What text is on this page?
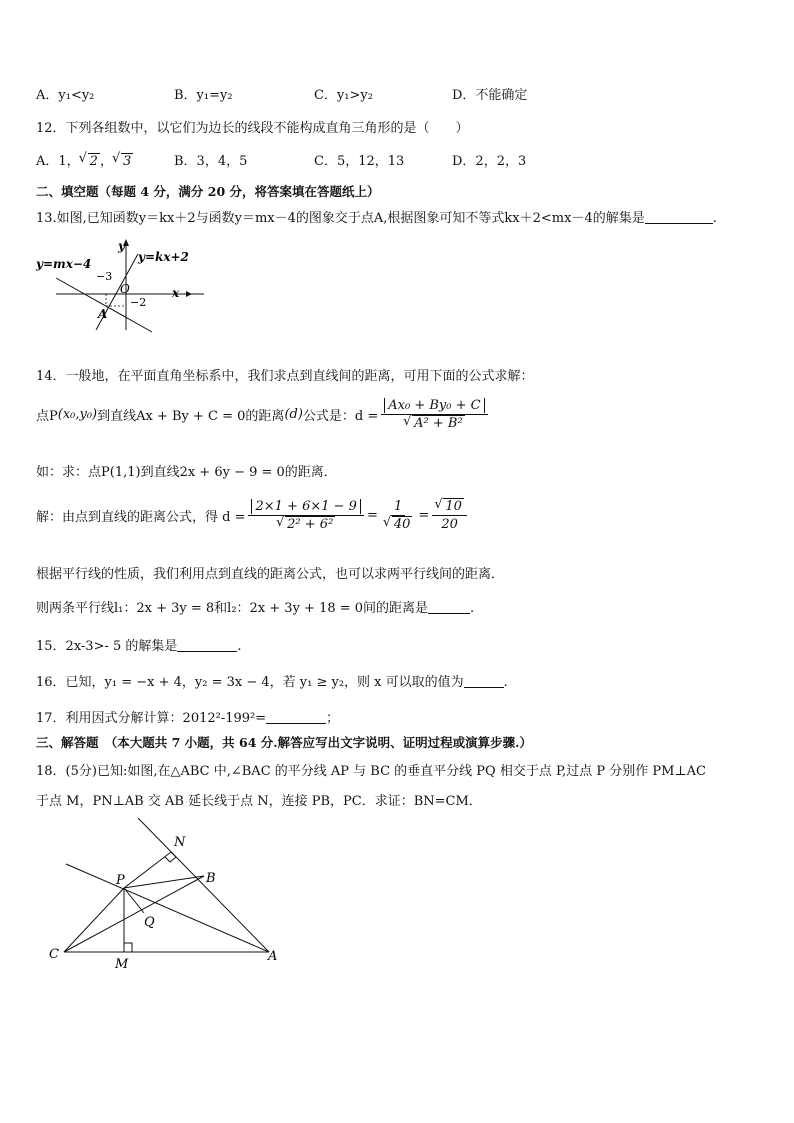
A．y₁<y₂	B．y₁=y₂	C．y₁>y₂	D．不能确定
12．下列各组数中，以它们为边长的线段不能构成直角三角形的是（　　）
A．1， √ 2 ， √ 3	B．3，4，5	C．5，12，13	D．2，2，3
二、填空题（每题 4 分，满分 20 分，将答案填在答题纸上）
13.如图,已知函数y＝kx＋2与函数y＝mx－4的图象交于点A,根据图象可知不等式kx＋2<mx－4的解集是	.
y=mx−4	y=kx+2
y
x
O
−3
−2
A
14．一般地，在平面直角坐标系中，我们求点到直线间的距离，可用下面的公式求解：
点P (x₀,y₀) 到直线Ax + By + C = 0的距离 (d) 公式是：d = Ax₀ + By₀ + C
√ A² + B²
如：求：点P(1,1)到直线2x + 6y − 9 = 0的距离．
解：由点到直线的距离公式，得 d = 2×1 + 6×1 − 9
√ 2² + 6² = 1
√ 40 = √ $\frac{10}{20}$
根据平行线的性质，我们利用点到直线的距离公式，也可以求两平行线间的距离．
则两条平行线l₁：2x + 3y = 8和l₂：2x + 3y + 18 = 0间的距离是	.
15．2x-3>- 5 的解集是	.
16．已知，y₁ = −x + 4，y₂ = 3x − 4，若 y₁ ≥ y₂，则 x 可以取的值为	.
17．利用因式分解计算：2012²-199²=	；
三、解答题　（本大题共 7 小题，共 64 分.解答应写出文字说明、证明过程或演算步骤.）
18．(5分)已知:如图,在△ABC 中,∠BAC 的平分线 AP 与 BC 的垂直平分线 PQ 相交于点 P,过点 P 分别作 PM⊥AC
于点 M，PN⊥AB 交 AB 延长线于点 N，连接 PB，PC．求证：BN=CM．
N
P	B
Q
C
M
A
